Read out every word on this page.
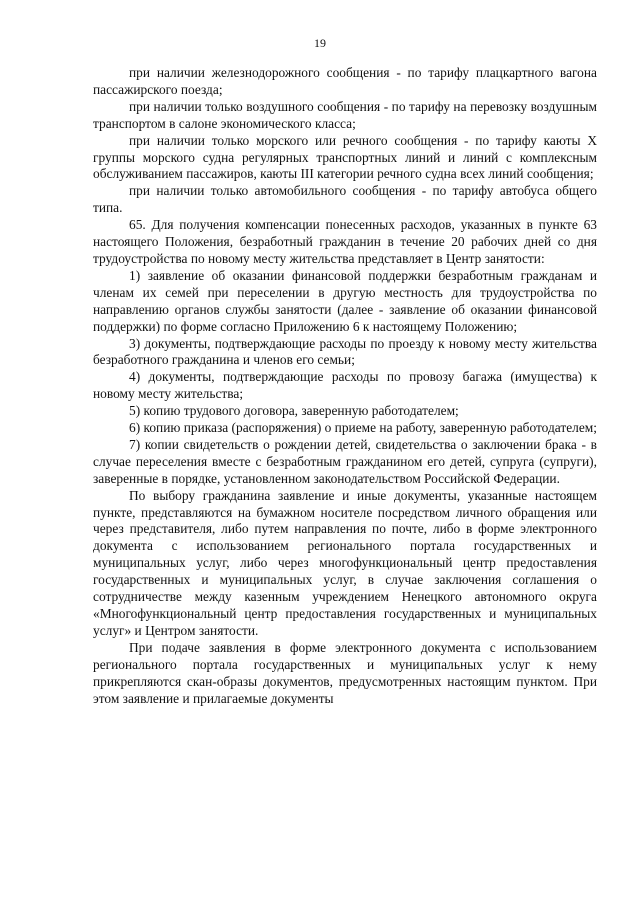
19

при наличии железнодорожного сообщения - по тарифу плацкартного вагона пассажирского поезда;

при наличии только воздушного сообщения - по тарифу на перевозку воздушным транспортом в салоне экономического класса;

при наличии только морского или речного сообщения - по тарифу каюты X группы морского судна регулярных транспортных линий и линий с комплексным обслуживанием пассажиров, каюты III категории речного судна всех линий сообщения;

при наличии только автомобильного сообщения - по тарифу автобуса общего типа.

65. Для получения компенсации понесенных расходов, указанных в пункте 63 настоящего Положения, безработный гражданин в течение 20 рабочих дней со дня трудоустройства по новому месту жительства представляет в Центр занятости:

1) заявление об оказании финансовой поддержки безработным гражданам и членам их семей при переселении в другую местность для трудоустройства по направлению органов службы занятости (далее - заявление об оказании финансовой поддержки) по форме согласно Приложению 6 к настоящему Положению;

3) документы, подтверждающие расходы по проезду к новому месту жительства безработного гражданина и членов его семьи;

4) документы, подтверждающие расходы по провозу багажа (имущества) к новому месту жительства;

5) копию трудового договора, заверенную работодателем;

6) копию приказа (распоряжения) о приеме на работу, заверенную работодателем;

7) копии свидетельств о рождении детей, свидетельства о заключении брака - в случае переселения вместе с безработным гражданином его детей, супруга (супруги), заверенные в порядке, установленном законодательством Российской Федерации.

По выбору гражданина заявление и иные документы, указанные настоящем пункте, представляются на бумажном носителе посредством личного обращения или через представителя, либо путем направления по почте, либо в форме электронного документа с использованием регионального портала государственных и муниципальных услуг, либо через многофункциональный центр предоставления государственных и муниципальных услуг, в случае заключения соглашения о сотрудничестве между казенным учреждением Ненецкого автономного округа «Многофункциональный центр предоставления государственных и муниципальных услуг» и Центром занятости.

При подаче заявления в форме электронного документа с использованием регионального портала государственных и муниципальных услуг к нему прикрепляются скан-образы документов, предусмотренных настоящим пунктом. При этом заявление и прилагаемые документы
